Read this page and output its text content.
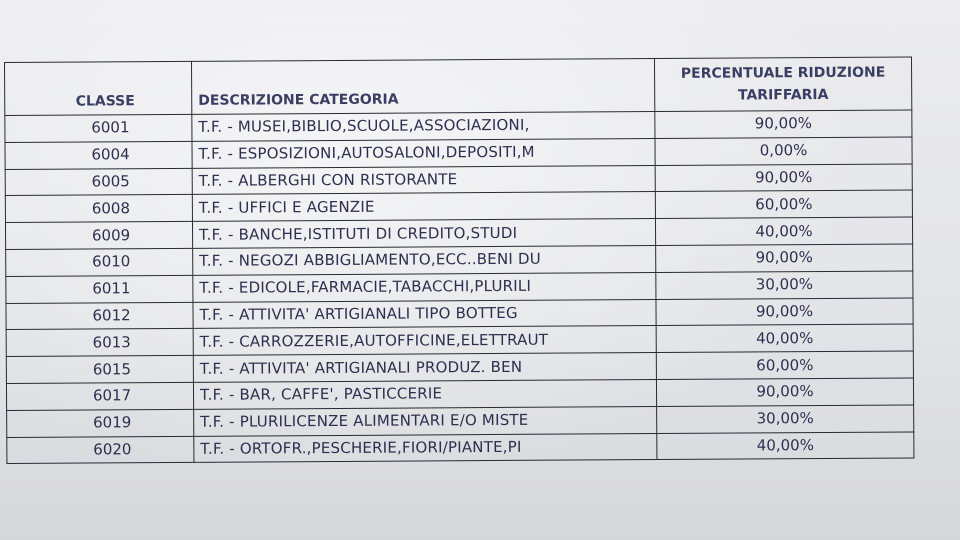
CLASSE	DESCRIZIONE CATEGORIA	PERCENTUALE RIDUZIONE
TARIFFARIA

6001	T.F. - MUSEI,BIBLIO,SCUOLE,ASSOCIAZIONI,	90,00%
6004	T.F. - ESPOSIZIONI,AUTOSALONI,DEPOSITI,M	0,00%
6005	T.F. - ALBERGHI CON RISTORANTE	90,00%
6008	T.F. - UFFICI E AGENZIE	60,00%
6009	T.F. - BANCHE,ISTITUTI DI CREDITO,STUDI	40,00%
6010	T.F. - NEGOZI ABBIGLIAMENTO,ECC..BENI DU	90,00%
6011	T.F. - EDICOLE,FARMACIE,TABACCHI,PLURILI	30,00%
6012	T.F. - ATTIVITA' ARTIGIANALI TIPO BOTTEG	90,00%
6013	T.F. - CARROZZERIE,AUTOFFICINE,ELETTRAUT	40,00%
6015	T.F. - ATTIVITA' ARTIGIANALI PRODUZ. BEN	60,00%
6017	T.F. - BAR, CAFFE', PASTICCERIE	90,00%
6019	T.F. - PLURILICENZE ALIMENTARI E/O MISTE	30,00%
6020	T.F. - ORTOFR.,PESCHERIE,FIORI/PIANTE,PI	40,00%
